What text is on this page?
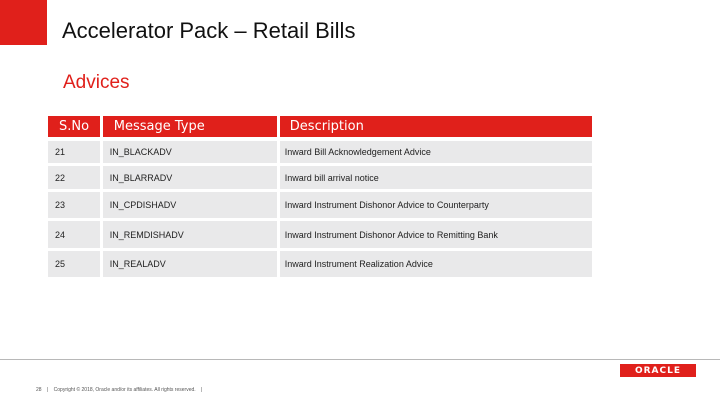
Accelerator Pack – Retail Bills
Advices
S.No	Message Type	Description
21	IN_BLACKADV	Inward Bill Acknowledgement Advice
22	IN_BLARRADV	Inward bill arrival notice
23	IN_CPDISHADV	Inward Instrument Dishonor Advice to Counterparty
24	IN_REMDISHADV	Inward Instrument Dishonor Advice to Remitting Bank
25	IN_REALADV	Inward Instrument Realization Advice
ORACLE
28 | Copyright © 2018, Oracle and/or its affiliates. All rights reserved. |
